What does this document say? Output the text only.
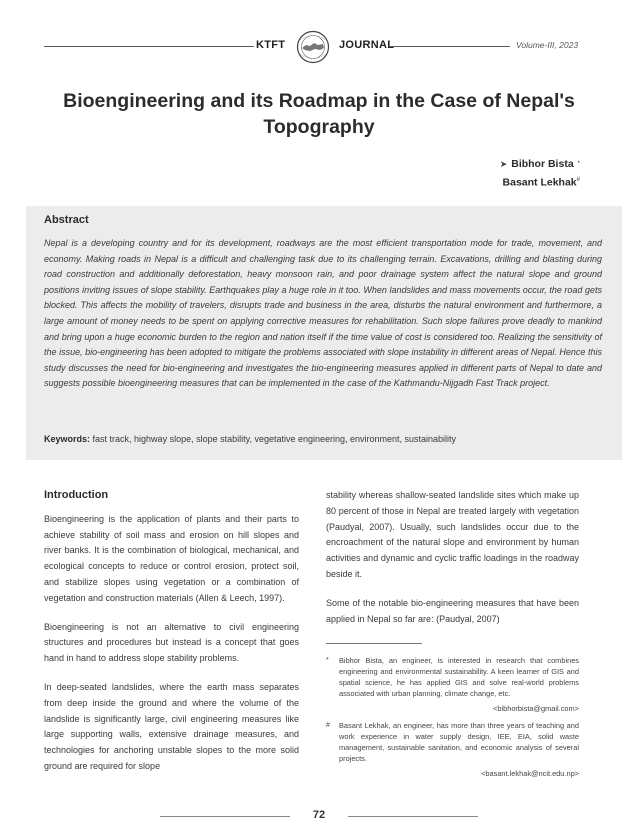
KTFT	JOURNAL	Volume-III, 2023
Bioengineering and its Roadmap in the Case of Nepal's Topography
➤ Bibhor Bista *
Basant Lekhak#
Abstract
Nepal is a developing country and for its development, roadways are the most efficient transportation mode for trade, movement, and economy. Making roads in Nepal is a difficult and challenging task due to its challenging terrain. Excavations, drilling and blasting during road construction and additionally deforestation, heavy monsoon rain, and poor drainage system affect the natural slope and ground positions inviting issues of slope stability. Earthquakes play a huge role in it too. When landslides and mass movements occur, the road gets blocked. This affects the mobility of travelers, disrupts trade and business in the area, disturbs the natural environment and furthermore, a large amount of money needs to be spent on applying corrective measures for rehabilitation. Such slope failures prove deadly to mankind and bring upon a huge economic burden to the region and nation itself if the time value of cost is considered too. Realizing the sensitivity of the issue, bio-engineering has been adopted to mitigate the problems associated with slope instability in different areas of Nepal. Hence this study discusses the need for bio-engineering and investigates the bio-engineering measures applied in different parts of Nepal to date and suggests possible bioengineering measures that can be implemented in the case of the Kathmandu-Nijgadh Fast Track project.
Keywords: fast track, highway slope, slope stability, vegetative engineering, environment, sustainability
Introduction

Bioengineering is the application of plants and their parts to achieve stability of soil mass and erosion on hill slopes and river banks. It is the combination of biological, mechanical, and ecological concepts to reduce or control erosion, protect soil, and stabilize slopes using vegetation or a combination of vegetation and construction materials (Allen & Leech, 1997).

Bioengineering is not an alternative to civil engineering structures and procedures but instead is a concept that goes hand in hand to address slope stability problems.

In deep-seated landslides, where the earth mass separates from deep inside the ground and where the volume of the landslide is significantly large, civil engineering measures like large supporting walls, extensive drainage measures, and technologies for anchoring unstable slopes to the more solid ground are required for slope

stability whereas shallow-seated landslide sites which make up 80 percent of those in Nepal are treated largely with vegetation (Paudyal, 2007). Usually, such landslides occur due to the encroachment of the natural slope and environment by human activities and dynamic and cyclic traffic loadings in the roadway beside it.

Some of the notable bio-engineering measures that have been applied in Nepal so far are: (Paudyal, 2007)

*	Bibhor Bista, an engineer, is interested in research that combines engineering and environmental sustainability. A keen learner of GIS and spatial science, he has applied GIS and solve real-world problems associated with urban planning, climate change, etc.
<bibhorbista@gmail.com>
# Basant Lekhak, an engineer, has more than three years of teaching and work experience in water supply design, IEE, EIA, solid waste management, sustainable sanitation, and economic analysis of several projects.
<basant.lekhak@ncit.edu.np>
72
